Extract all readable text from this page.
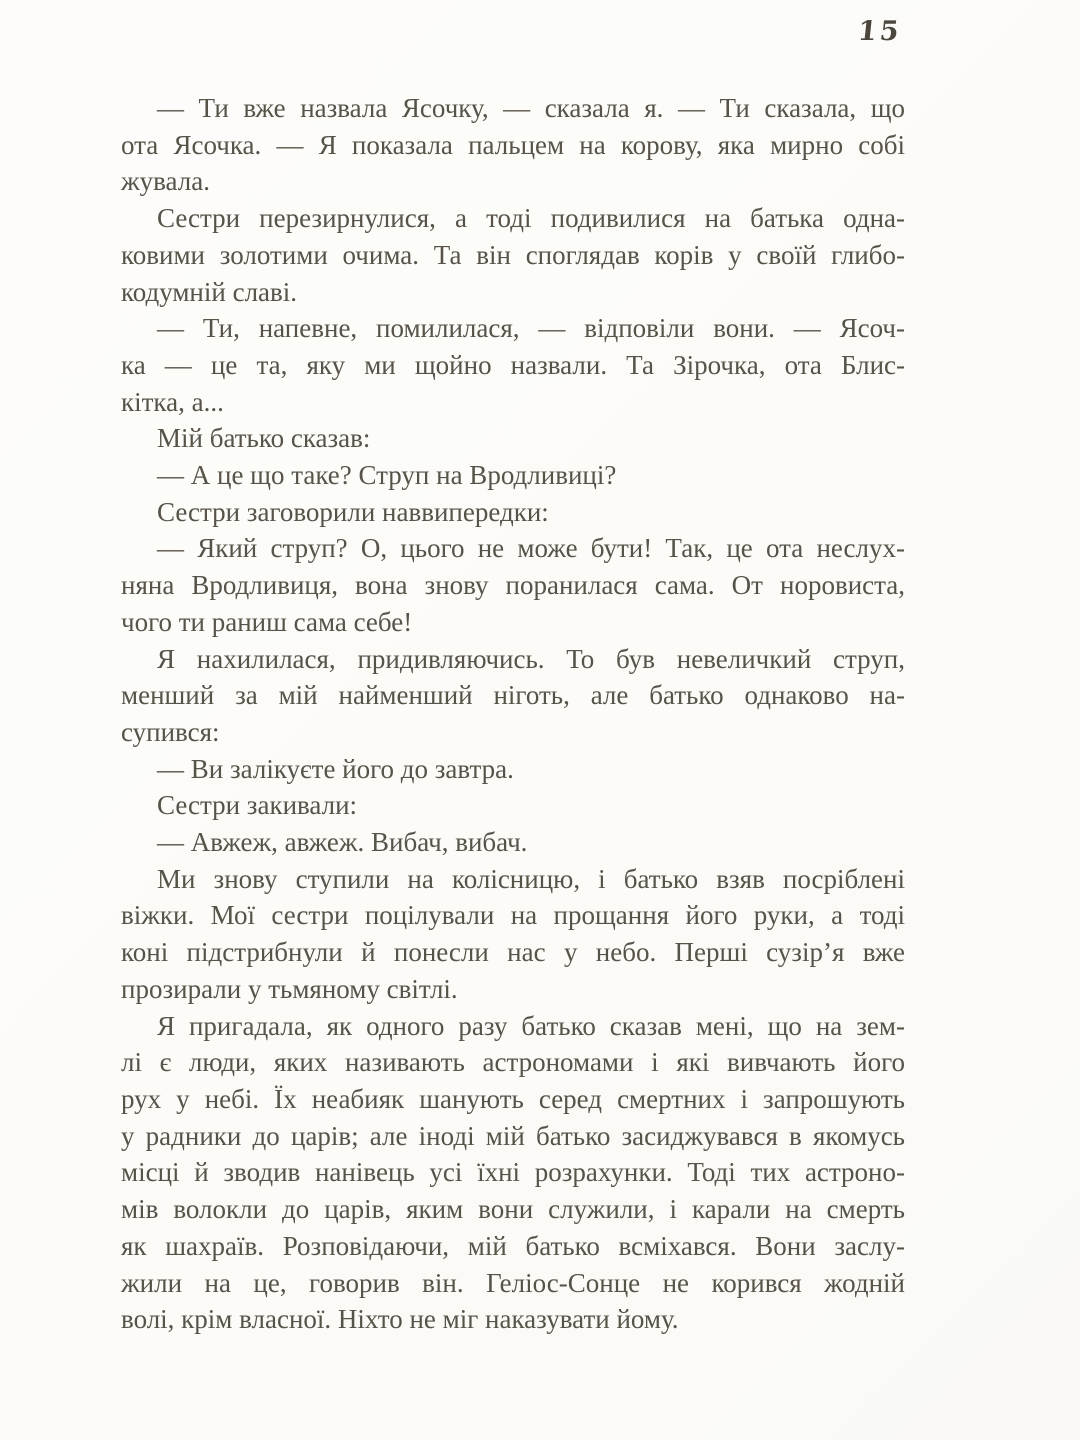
15

— Ти вже назвала Ясочку, — сказала я. — Ти сказала, що
ота Ясочка. — Я показала пальцем на корову, яка мирно собі
жувала.

Сестри перезирнулися, а тоді подивилися на батька одна-
ковими золотими очима. Та він споглядав корів у своїй глибо-
кодумній славі.

— Ти, напевне, помилилася, — відповіли вони. — Ясоч-
ка — це та, яку ми щойно назвали. Та Зірочка, ота Блис-
кітка, а...

Мій батько сказав:

— А це що таке? Струп на Вродливиці?

Сестри заговорили наввипередки:

— Який струп? О, цього не може бути! Так, це ота неслух-
няна Вродливиця, вона знову поранилася сама. От норовиста,
чого ти раниш сама себе!

Я нахилилася, придивляючись. То був невеличкий струп,
менший за мій найменший ніготь, але батько однаково на-
супився:

— Ви залікуєте його до завтра.

Сестри закивали:

— Авжеж, авжеж. Вибач, вибач.

Ми знову ступили на колісницю, і батько взяв посріблені
віжки. Мої сестри поцілували на прощання його руки, а тоді
коні підстрибнули й понесли нас у небо. Перші сузір’я вже
прозирали у тьмяному світлі.

Я пригадала, як одного разу батько сказав мені, що на зем-
лі є люди, яких називають астрономами і які вивчають його
рух у небі. Їх неабияк шанують серед смертних і запрошують
у радники до царів; але іноді мій батько засиджувався в якомусь
місці й зводив нанівець усі їхні розрахунки. Тоді тих астроно-
мів волокли до царів, яким вони служили, і карали на смерть
як шахраїв. Розповідаючи, мій батько всміхався. Вони заслу-
жили на це, говорив він. Геліос-Сонце не корився жодній
волі, крім власної. Ніхто не міг наказувати йому.
